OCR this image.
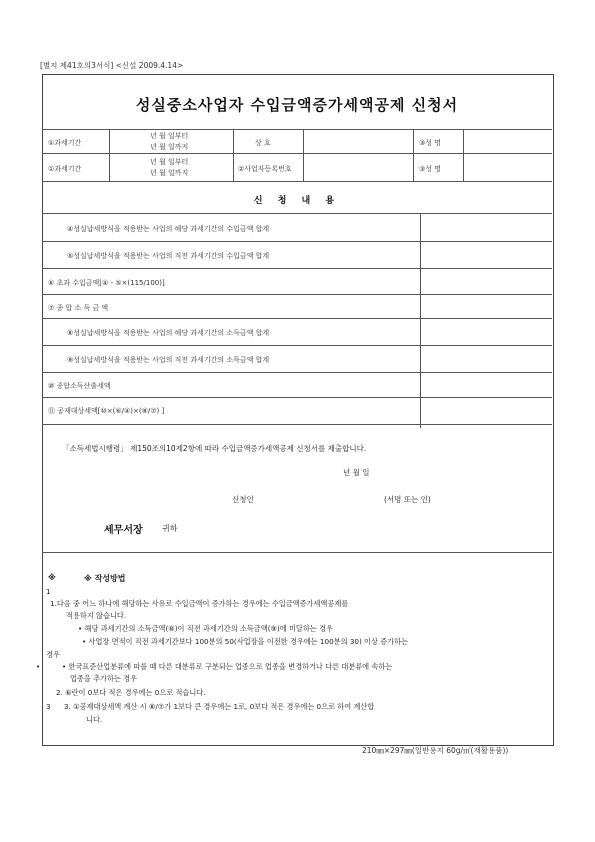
[별지 제41호의3서식] <신설 2009.4.14>
성실중소사업자 수입금액증가세액공제 신청서
①과세기간
년 월 일부터
년 월 일까지	상 호	③성 명
①과세기간
년 월 일부터
년 월 일까지	②사업자등록번호	③성 명
신 청 내 용
④성실납세방식을 적용받는 사업의 해당 과세기간의 수입금액 합계
⑤성실납세방식을 적용받는 사업의 직전 과세기간의 수입금액 합계
⑥ 초과 수입금액[④ - ⑤×(115/100)]
⑦ 종 합 소 득 금 액
⑧성실납세방식을 적용받는 사업의 해당 과세기간의 소득금액 합계
⑨성실납세방식을 적용받는 사업의 직전 과세기간의 소득금액 합계
⑩ 종합소득산출세액
⑪ 공제대상세액[⑩×(⑥/④)×(⑧/⑦) ]
「소득세법시행령」 제150조의10제2항에 따라 수입금액증가세액공제 신청서를 제출합니다.
년 월 일
신청인	(서명 또는 인)
세무서장 귀하
※	※ 작성방법
1
1.다음 중 어느 하나에 해당하는 사유로 수입금액이 증가하는 경우에는 수입금액증가세액공제를
적용하지 않습니다.
• 해당 과세기간의 소득금액(⑧)이 직전 과세기간의 소득금액(⑨)에 미달하는 경우
• 사업장 면적이 직전 과세기간보다 100분의 50(사업장을 이전한 경우에는 100분의 30) 이상 증가하는
경우
•	• 한국표준산업분류에 따를 때 다른 대분류로 구분되는 업종으로 업종을 변경하거나 다른 대분류에 속하는
업종을 추가하는 경우
2. ⑥란이 0보다 적은 경우에는 0으로 적습니다.
3 3. ①공제대상세액 계산 시 ⑧/⑦가 1보다 큰 경우에는 1로, 0보다 적은 경우에는 0으로 하여 계산합
니다.
210㎜×297㎜(일반용지 60g/㎡(재활용품))
